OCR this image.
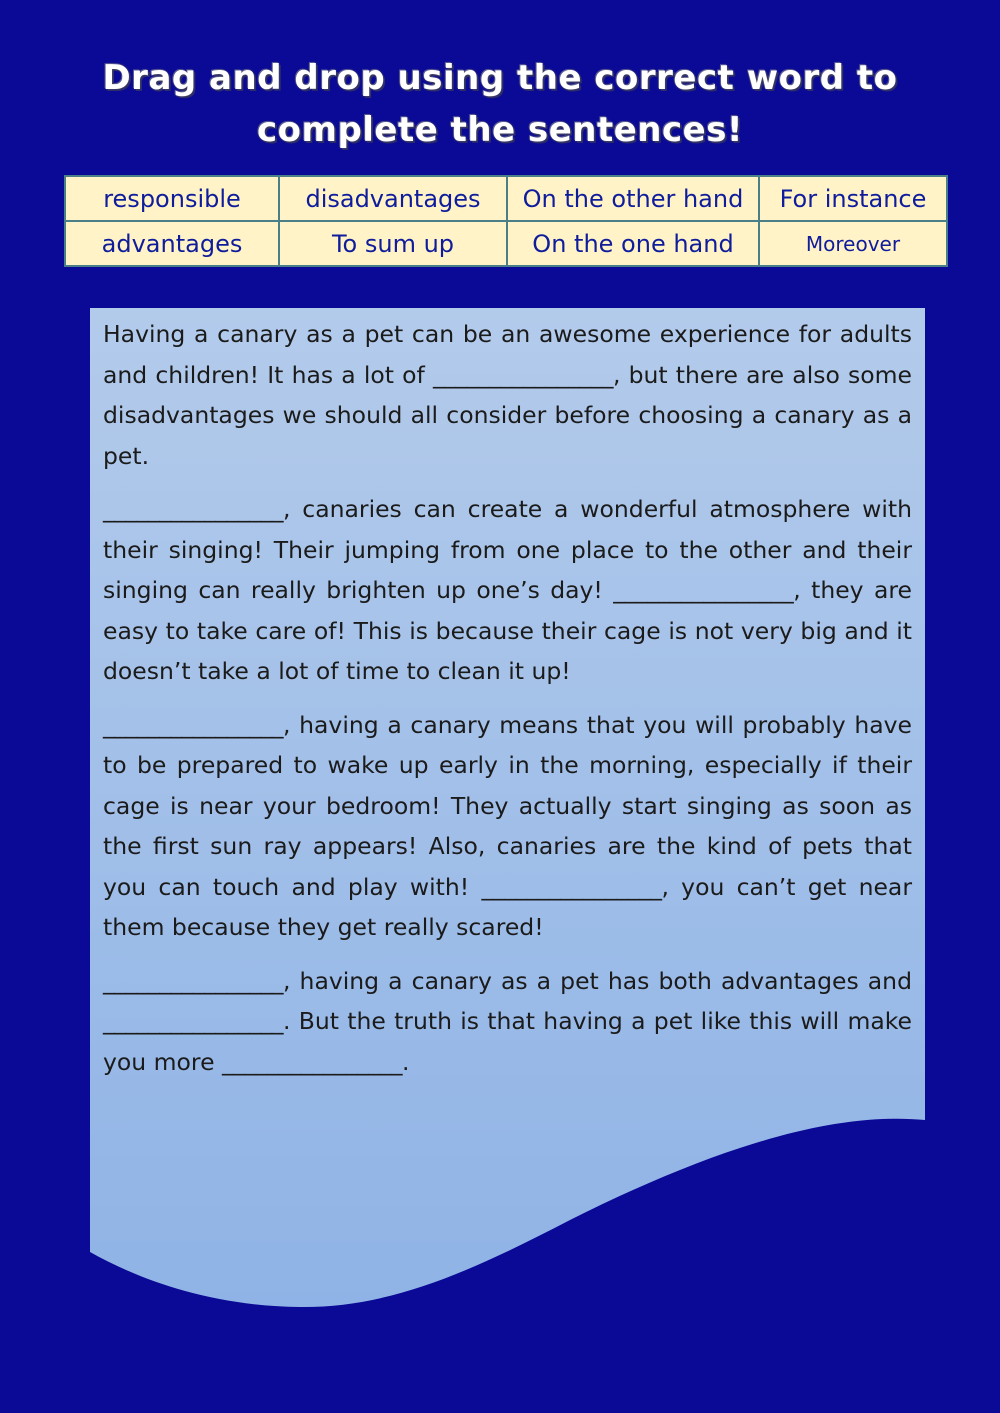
Drag and drop using the correct word to
complete the sentences!
responsible	disadvantages	On the other hand	For instance
advantages	To sum up	On the one hand	Moreover

Having a canary as a pet can be an awesome experience for adults and children! It has a lot of ________________, but there are also some disadvantages we should all consider before choosing a canary as a pet.

________________, canaries can create a wonderful atmosphere with their singing! Their jumping from one place to the other and their singing can really brighten up one’s day! ________________, they are easy to take care of! This is because their cage is not very big and it doesn’t take a lot of time to clean it up!

________________, having a canary means that you will probably have to be prepared to wake up early in the morning, especially if their cage is near your bedroom! They actually start singing as soon as the first sun ray appears! Also, canaries are the kind of pets that you can touch and play with! ________________, you can’t get near them because they get really scared!

________________, having a canary as a pet has both advantages and ________________. But the truth is that having a pet like this will make you more ________________.
